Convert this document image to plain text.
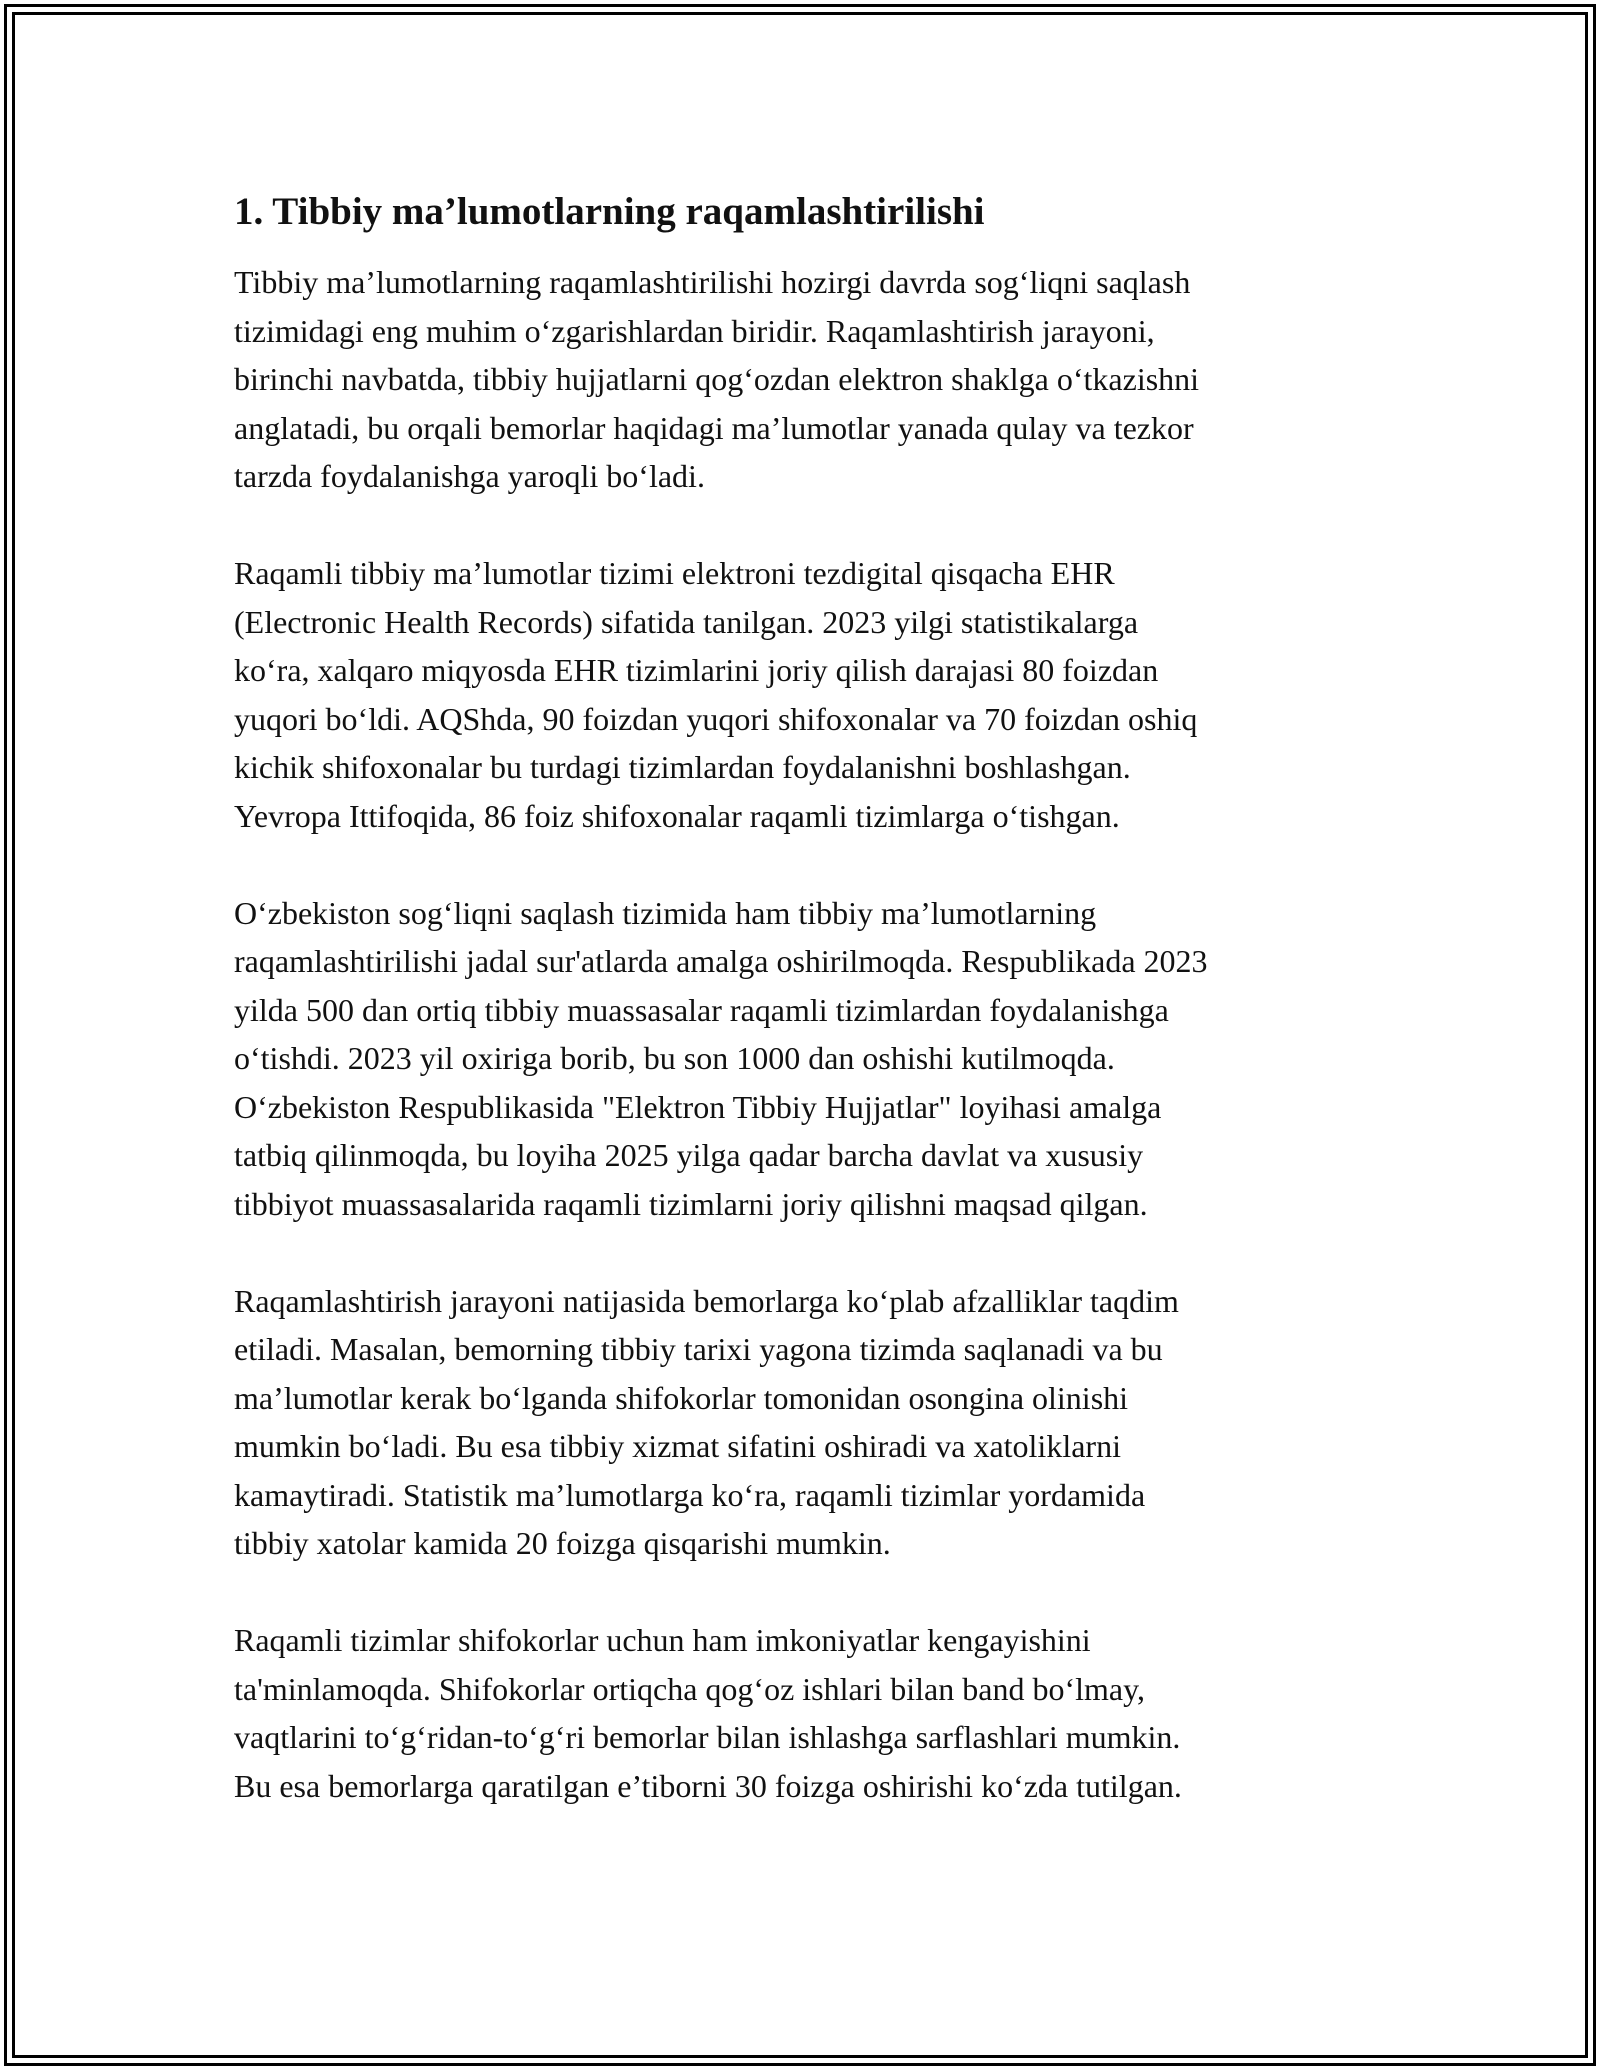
1. Tibbiy ma’lumotlarning raqamlashtirilishi

Tibbiy ma’lumotlarning raqamlashtirilishi hozirgi davrda sog‘liqni saqlash
tizimidagi eng muhim o‘zgarishlardan biridir. Raqamlashtirish jarayoni,
birinchi navbatda, tibbiy hujjatlarni qog‘ozdan elektron shaklga o‘tkazishni
anglatadi, bu orqali bemorlar haqidagi ma’lumotlar yanada qulay va tezkor
tarzda foydalanishga yaroqli bo‘ladi.

Raqamli tibbiy ma’lumotlar tizimi elektroni tezdigital qisqacha EHR
(Electronic Health Records) sifatida tanilgan. 2023 yilgi statistikalarga
ko‘ra, xalqaro miqyosda EHR tizimlarini joriy qilish darajasi 80 foizdan
yuqori bo‘ldi. AQShda, 90 foizdan yuqori shifoxonalar va 70 foizdan oshiq
kichik shifoxonalar bu turdagi tizimlardan foydalanishni boshlashgan.
Yevropa Ittifoqida, 86 foiz shifoxonalar raqamli tizimlarga o‘tishgan.

O‘zbekiston sog‘liqni saqlash tizimida ham tibbiy ma’lumotlarning
raqamlashtirilishi jadal sur'atlarda amalga oshirilmoqda. Respublikada 2023
yilda 500 dan ortiq tibbiy muassasalar raqamli tizimlardan foydalanishga
o‘tishdi. 2023 yil oxiriga borib, bu son 1000 dan oshishi kutilmoqda.
O‘zbekiston Respublikasida "Elektron Tibbiy Hujjatlar" loyihasi amalga
tatbiq qilinmoqda, bu loyiha 2025 yilga qadar barcha davlat va xususiy
tibbiyot muassasalarida raqamli tizimlarni joriy qilishni maqsad qilgan.

Raqamlashtirish jarayoni natijasida bemorlarga ko‘plab afzalliklar taqdim
etiladi. Masalan, bemorning tibbiy tarixi yagona tizimda saqlanadi va bu
ma’lumotlar kerak bo‘lganda shifokorlar tomonidan osongina olinishi
mumkin bo‘ladi. Bu esa tibbiy xizmat sifatini oshiradi va xatoliklarni
kamaytiradi. Statistik ma’lumotlarga ko‘ra, raqamli tizimlar yordamida
tibbiy xatolar kamida 20 foizga qisqarishi mumkin.

Raqamli tizimlar shifokorlar uchun ham imkoniyatlar kengayishini
ta'minlamoqda. Shifokorlar ortiqcha qog‘oz ishlari bilan band bo‘lmay,
vaqtlarini to‘g‘ridan-to‘g‘ri bemorlar bilan ishlashga sarflashlari mumkin.
Bu esa bemorlarga qaratilgan e’tiborni 30 foizga oshirishi ko‘zda tutilgan.
